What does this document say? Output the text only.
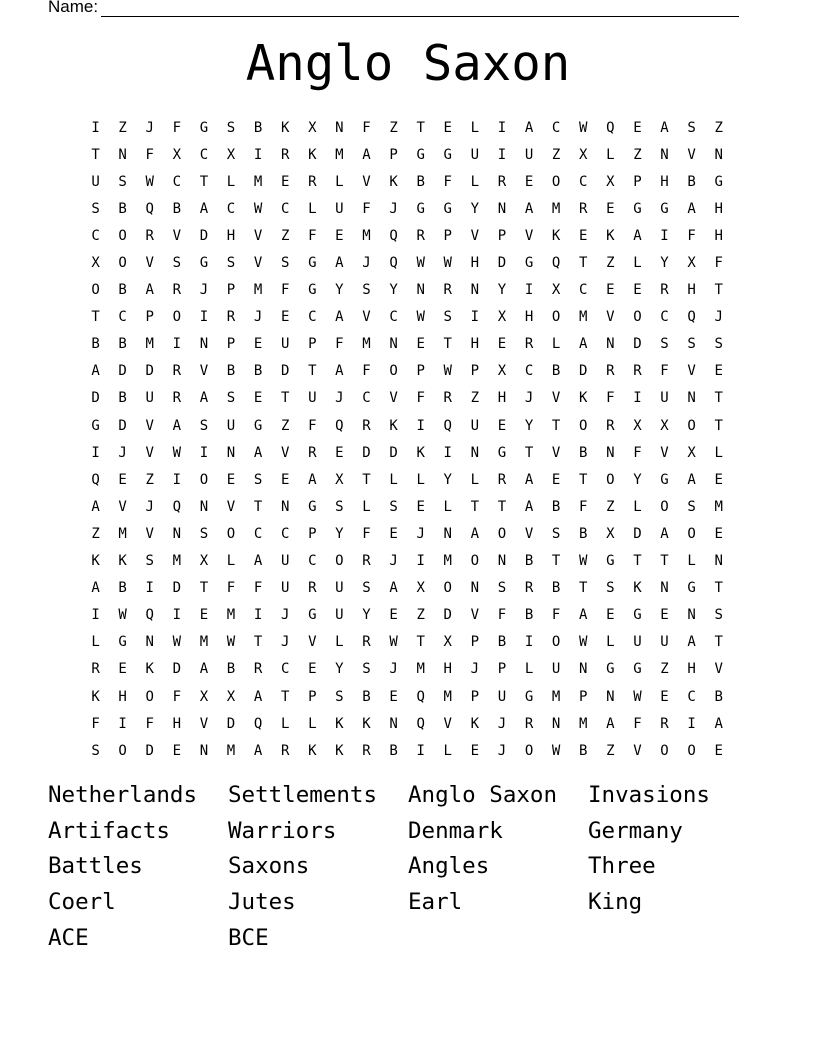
Name:
Anglo Saxon
I	Z	J	F	G	S	B	K	X	N	F	Z	T	E	L	I	A	C	W	Q	E	A	S	Z
T	N	F	X	C	X	I	R	K	M	A	P	G	G	U	I	U	Z	X	L	Z	N	V	N
U	S	W	C	T	L	M	E	R	L	V	K	B	F	L	R	E	O	C	X	P	H	B	G
S	B	Q	B	A	C	W	C	L	U	F	J	G	G	Y	N	A	M	R	E	G	G	A	H
C	O	R	V	D	H	V	Z	F	E	M	Q	R	P	V	P	V	K	E	K	A	I	F	H
X	O	V	S	G	S	V	S	G	A	J	Q	W	W	H	D	G	Q	T	Z	L	Y	X	F
O	B	A	R	J	P	M	F	G	Y	S	Y	N	R	N	Y	I	X	C	E	E	R	H	T
T	C	P	O	I	R	J	E	C	A	V	C	W	S	I	X	H	O	M	V	O	C	Q	J
B	B	M	I	N	P	E	U	P	F	M	N	E	T	H	E	R	L	A	N	D	S	S	S
A	D	D	R	V	B	B	D	T	A	F	O	P	W	P	X	C	B	D	R	R	F	V	E
D	B	U	R	A	S	E	T	U	J	C	V	F	R	Z	H	J	V	K	F	I	U	N	T
G	D	V	A	S	U	G	Z	F	Q	R	K	I	Q	U	E	Y	T	O	R	X	X	O	T
I	J	V	W	I	N	A	V	R	E	D	D	K	I	N	G	T	V	B	N	F	V	X	L
Q	E	Z	I	O	E	S	E	A	X	T	L	L	Y	L	R	A	E	T	O	Y	G	A	E
A	V	J	Q	N	V	T	N	G	S	L	S	E	L	T	T	A	B	F	Z	L	O	S	M
Z	M	V	N	S	O	C	C	P	Y	F	E	J	N	A	O	V	S	B	X	D	A	O	E
K	K	S	M	X	L	A	U	C	O	R	J	I	M	O	N	B	T	W	G	T	T	L	N
A	B	I	D	T	F	F	U	R	U	S	A	X	O	N	S	R	B	T	S	K	N	G	T
I	W	Q	I	E	M	I	J	G	U	Y	E	Z	D	V	F	B	F	A	E	G	E	N	S
L	G	N	W	M	W	T	J	V	L	R	W	T	X	P	B	I	O	W	L	U	U	A	T
R	E	K	D	A	B	R	C	E	Y	S	J	M	H	J	P	L	U	N	G	G	Z	H	V
K	H	O	F	X	X	A	T	P	S	B	E	Q	M	P	U	G	M	P	N	W	E	C	B
F	I	F	H	V	D	Q	L	L	K	K	N	Q	V	K	J	R	N	M	A	F	R	I	A
S	O	D	E	N	M	A	R	K	K	R	B	I	L	E	J	O	W	B	Z	V	O	O	E
Netherlands	Settlements	Anglo Saxon	Invasions
Artifacts	Warriors	Denmark	Germany
Battles	Saxons	Angles	Three
Coerl	Jutes	Earl	King
ACE	BCE
